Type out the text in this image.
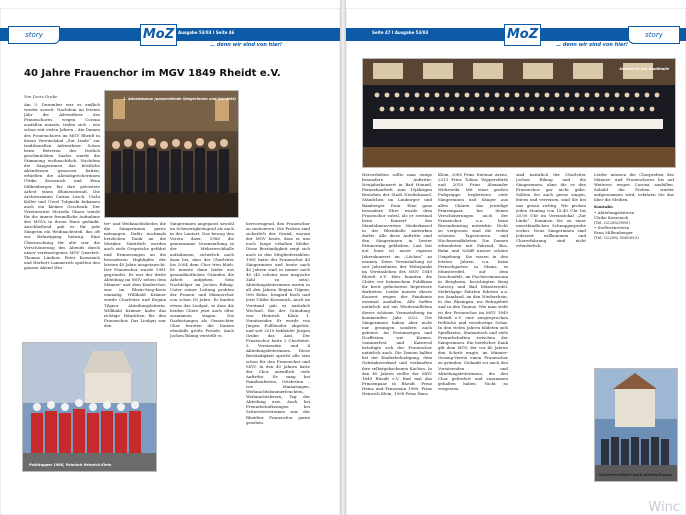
Ausgabe 53/83 I Seite 46
story	MoZ
… denn wir sind von hier!
40 Jahre Frauenchor im MGV 1849 Rheidt e.V.
Von Doris Grube	1. Adventszeus (umwerdende Sängerinnen und Quintett)
Polkfrapper 1988, Polnisch Heinrich Klein
Am 3. Dezember war es endlich wieder soweit. Nachdem im letzten Jahr die Adventfeier des Frauenchores wegen Corona ausfallen musste, trafen sich – wie schon seit vielen Jahren – die Damen des Frauenchores im MGV Rheidt in ihrem Vereinslokal „Zur Linde“ zur traditionellen Adventfeier. Schon beim Betreten des festlich geschmückten Saales wurde die Stimmung weihnachtlich. Nachdem die Sängerinnen das köstliche Abendessen genossen hatten, erhielten die Abendsprecherinnen Ulrike Kossenich und Erna Milbenberger für ihre geleistete Arbeit einen Blumenstrauß. Die Archivarinnen Carina Lesch, Uschi Koller und Ursel Tobjinski bekamen auch ein kleines Geschenk: Der Vereinswirte Morizda Obaca wurde für die immer freundliche Aufnahme des MGVs in ihrem Haus gedankt. Anschließend gab es für jede Sängerin ein Weihnachtsteil, das oft zur Belustigung beitrug. Eine Überraschung für alle war die Verschönerung des Abends durch unser vereinseigenes MGV Quartett: Thomas Lindner, Peter Kossenich und Herbert Lammerich spielten den ganzen Abend Win-
ter- und Weihnachtslieder, die die Sängerinnen gerne mitsangen. Dafür nochmals herzlichen Dank an die Musiker. Natürlich wurden auch viele Gespräche geführt und Erinnerungen an die besonderen Highlights der letzten 40 Jahre ausgetauscht. Der Frauenchor wurde 1981 gegründet. Er war der dritte Abteilung im MGV neben dem Männer- und dem Kinderchor, war im Rhein-Sieg-Kreis einmalig. Willibald Krämer wurde Chorleiter und Regina Tilgner Abteilungsleiterin. Willibald Krämer hatte das richtige Händchen für den Frauenchor. Das Liedgut war den
Sängerinnen angepasst sowohl im Schwierigkeitsgrad als auch in der Lautart. Das bewog den Verein dazu, 1986 die gemeinsame Veranstaltung in der Mehrzweckhalle aufzubauen, sicherlich auch dazu bei, dass der Chorleiter bis 2004 dem Chor treu blieb. Er musste dann leider aus gesundheitlichen Gründen die Arbeit aufgeben. Sein Nachfolger im Jochen Rilmig. Unter seiner Leitung probten der Frauen- und Männerchor von schon 16 Jahre. Er fanden etwas das Liedgut, so dass die beiden Chöre jetzt auch öfter zusammen singen. Die Darbietungen als Gemischter Chor beroten die Damen ebenfalls große Freude. Auch Jochen Rilmig verstellt es
hervorragend, den Frauenchor zu motivieren. Die Proben sind sicherlich der Grund, warum der MGV heute, dass er uns noch lange erhalten bleibe. Diese Beständigkeit zeigt sich auch in den Mitgliederzahlen: 1981 hatte der Frauenchor 40 Sängerinnen und heute nach 40 Jahren sind es immer noch 40 (40 scheint eine magische Zahl zu sein). Abteilungsleiterinnen waren in all den Jahren Regina Tilgner, Otti Kühn, Irmgard Koch und jetzt Ulrike Kossenich. Auch im Vorstand gab es natürlich Wechsel. Bei der Gründung war Heinrich Klein 1. Vorsitzender. Er wurde von Jürgen Fullbender abgelöst, und seit 2010 bekleidet Jürgen Grube das Amt. Der Frauenchor hatte 2 Chorleiter, 5 Vereinsräte und 4 Abteilungsleiterinnen. Diese Beständigkeit spricht alle sein schon für den Frauenchor und MGV. In den 40 Jahren hatte der Chor unendlich viele Auftritte. Er sang bei Familienfesten, Ortsfesten – wie Maiansingen, Weihnachtsbaumerleuchten, Weihnachtsfeiern, Tag der Abteilung usw. Auch bei Freundschaftssingen bei Schwestervereinen war der Rheidter Frauenchor gerne gesehen.
Seite 47 I Ausgabe 53/83	MoZ	story
… denn wir sind von hier!
Konzert in der Stadthalle
Wochenendfahrt nach Idstein/Taunus
Hervorheben sollte man einige besondere Auftritte: Neujahrskonzert in Bad Honnef, Fernsehauftritt zum 10jährigen Bestehen der Stadt Niederkassel, Ständchen im Limburger und Bamberger Dom. Eine ganz besondere Ehre wurde dem Frauenchor zuteil, als er zweimal beim Konzert des Mandolinenvereins Niederkassel in der Rheinhalle mitwirken durfte. Alle diese Auftritte sind den Sängerinnen in bester Erinnerung geblieben. Last but not least ist unser eigenes Jahreskonzert im „Löchen“ zu nennen. Diese Veranstaltung ist seit Jahrzehnten der Höhepunkt im Vereinsleben des MGV 1849 Rheidt e.V. Hier konnten die Chöre vor heimischem Publikum ihr breit gefächertes Repertoire darbieten. Leider musste dieses Konzert wegen der Pandemie zweimal ausfallen. Alle hoffen natürlich auf ein Wiederaufleben dieser schönen Veranstaltung im kommenden Jahr 2022. Die Sängerinnen haben aber nicht nur gesungen sondern auch gefeiert. An Festumzügen und Dorffesten wie Kirmes, Sommerfest und Karneval beteiligte sich der Frauenchor natürlich auch. Die Damen halfen bei der Kinderbelustigung, dem Getränkeverkauf und verkauften ihre selbstgebackenen Kuchen. In den 40 Jahren stellte der MGV 1849 Rheidt e.V. fünf mal das Prinzenpaar in Rheidt. Prinz Heinz und Prinzessin 1980; Prinz Heinrich Klein, 1998 Prinz Hans
Klein, 2008 Prinz Dietmar Arenz, 2013 Prinz Tobias Wippersfürth und 2018 Prinz Alexander Wirkowski. Mit einer großen Fußgruppe begleiteten viele Sängerinnen und Sänger aus allen Chören das jeweilige Prinzenpaar, bei denen Verschönerungen auch der Frauenchor u.a. beim Rosendienstag mitwirkte. Nicht zu vergessen sind die vielen schönen Tagestouren und Wochenendfahrten. Die Damen erkundeten mit Fahrrad, Bus, Bahn und Schiff unsere schöne Umgebung. Sie waren in den letzten Jahren u.a. beim Fernsehgarten in Mainz, in Münstereifel, auf dem Drachenfels, im Fischereimuseum in Bergheim, besichtigten Burg Satzvey und Bad Münstereifel. Mehrtägige Fahrten führten u.a. ins Saarland, an den Niederrhein, in das Rheingau, ins Ruhrgebiet und in den Taunus. Wie man sieht ist der Frauenchor im MGV 1849 Rheidt e.V. eine ausgesprochen fröhliche und reiselustige Schar. In den vielen Jahren bildeten sich Spielkreise, Stammtisch und viele Freundschaften zwischen der Sängerinnen. Ein herzlicher Dank gilt dem MGV, der vor 40 Jahren den Schritt wagte, im Männer-Gesang-Verein einen Frauenchor zu gründen. Gedankt sei auch den Vorsitzenden und Abteilungsleiterinnen, die den Chor gefördert und zusammen gehalten haben. Nicht zu vergessen
sind natürlich der Chorleiter Jochen Rilmig und die Sängerinnen, ohne die es den Frauenchor gar nicht gäbe. Sollten Sie auch gerne singen, feiern und verreisen, sind Sie bei uns genau richtig. Wir proben jeden Montag von 18.45 Uhr bis 20.00 Uhr im Vereinslokal „Zur Linde“. Kommen Sie zu einer unverbindlichen Schnupperprobe vorbei. Neue Sängerinnen sind jederzeit willkommen und Chorerfahrung sind nicht erforderlich.

Leider müssen die Chorproben des Männer- und Frauenchores bis auf Weiteres wegen Corona ausfallen. Sobald die Proben wieder aufgenommen wird, erfahren Sie das über die Medien.

Kontakt:

• Abteilungsleiterin
Ulrike Kossenich
(Tel. 02208/3985)
• Stellvertreterin
Erna Milbenberger
(Tel. 02208/ 5065053)

Winc
